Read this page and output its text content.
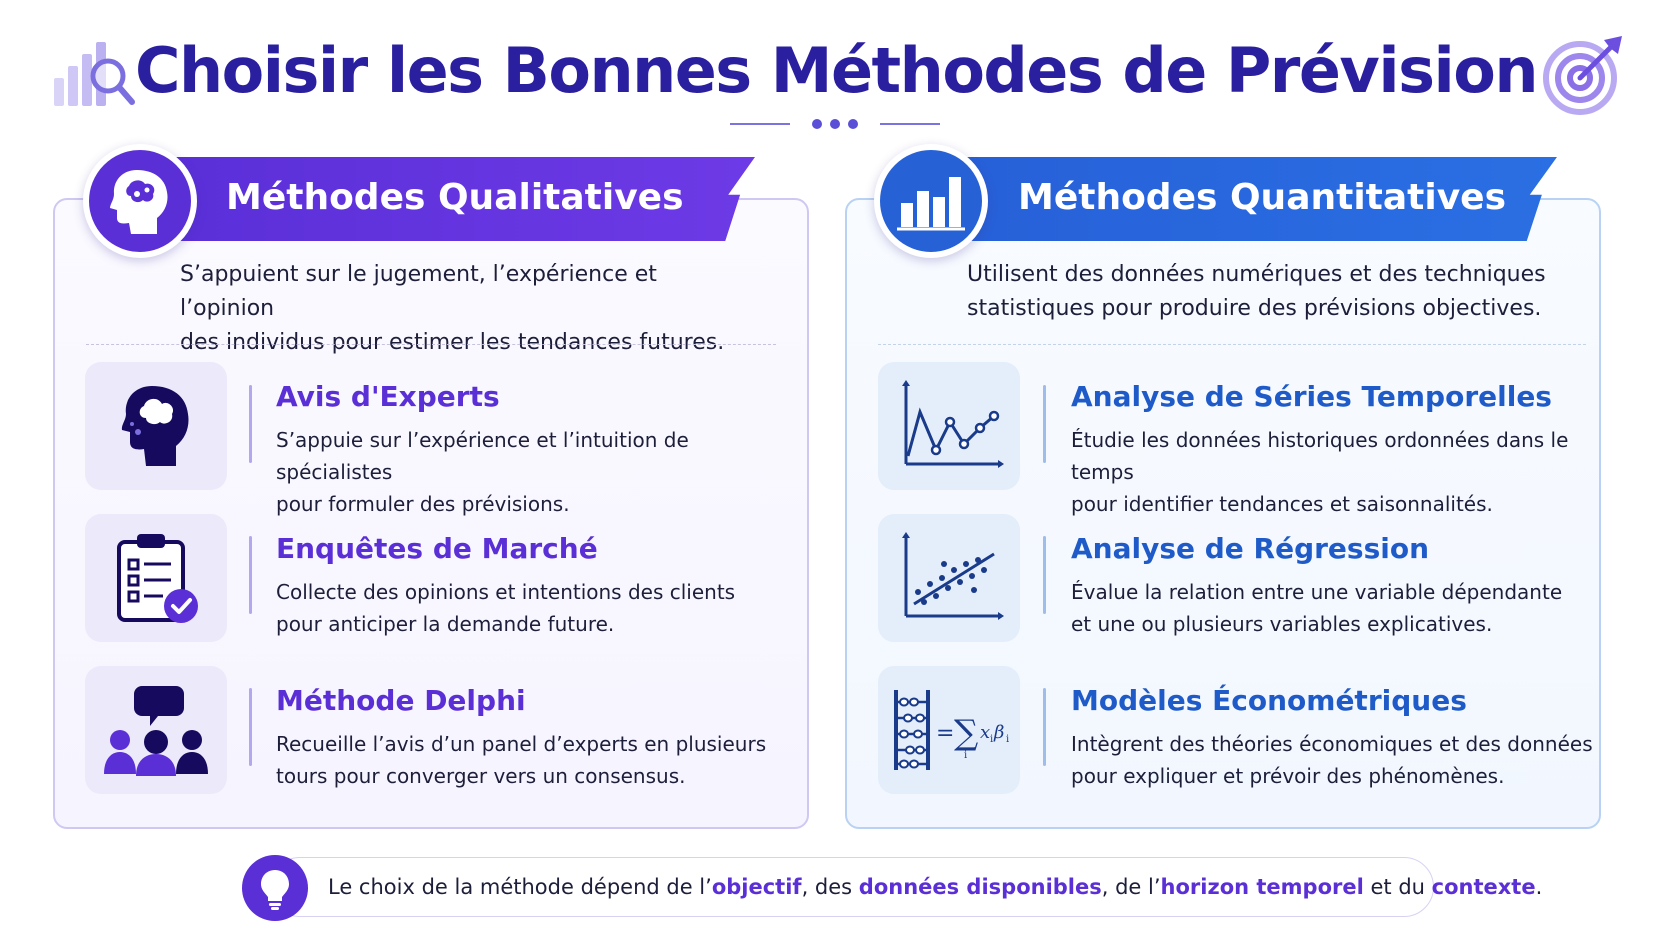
Choisir les Bonnes Méthodes de Prévision
Méthodes Qualitatives
S’appuient sur le jugement, l’expérience et l’opinion
des individus pour estimer les tendances futures.
Avis d'Experts
S’appuie sur l’expérience et l’intuition de spécialistes
pour formuler des prévisions.
Enquêtes de Marché
Collecte des opinions et intentions des clients
pour anticiper la demande future.
Méthode Delphi
Recueille l’avis d’un panel d’experts en plusieurs
tours pour converger vers un consensus.
Méthodes Quantitatives
Utilisent des données numériques et des techniques
statistiques pour produire des prévisions objectives.
Analyse de Séries Temporelles
Étudie les données historiques ordonnées dans le temps
pour identifier tendances et saisonnalités.
Analyse de Régression
Évalue la relation entre une variable dépendante
et une ou plusieurs variables explicatives.
= ∑ x i β i
i
Modèles Économétriques
Intègrent des théories économiques et des données
pour expliquer et prévoir des phénomènes.
Le choix de la méthode dépend de l’objectif, des données disponibles, de l’horizon temporel et du contexte.
